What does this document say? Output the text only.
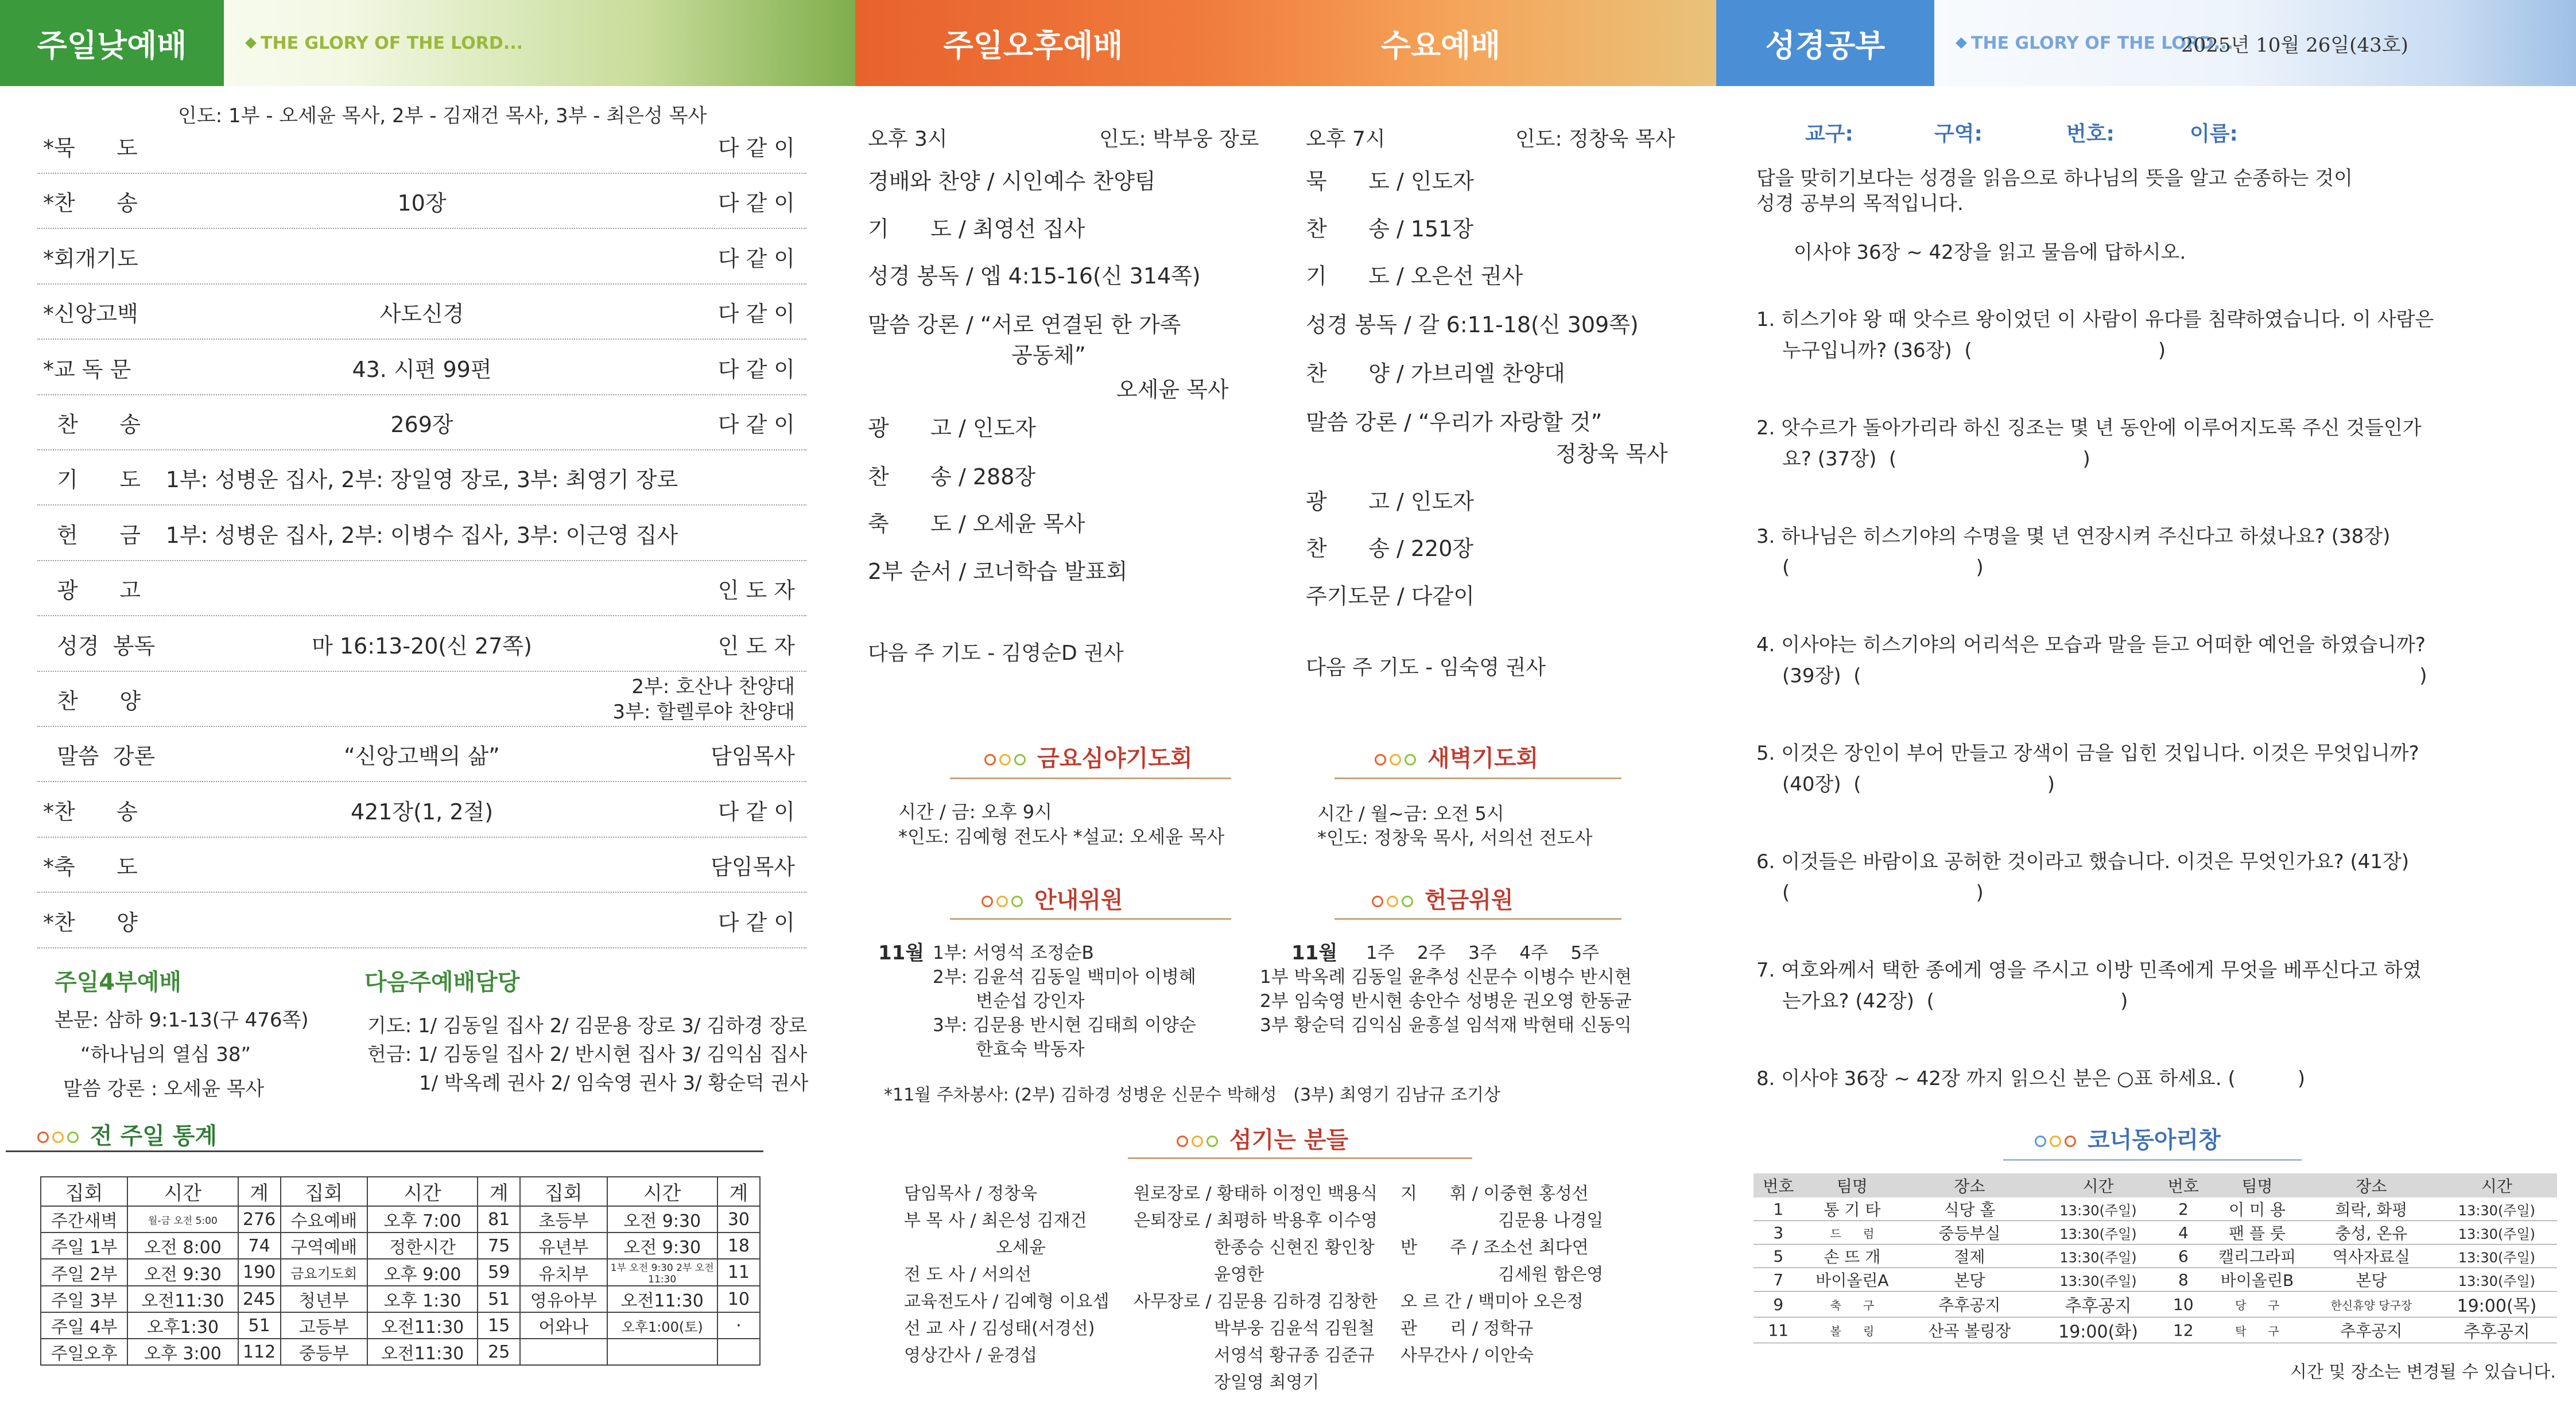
주일낮예배	THE GLORY OF THE LORD...	주일오후예배	수요예배	성경공부	THE GLORY OF THE LORD...
2025년 10월 26일(43호)
인도: 1부 - 오세윤 목사, 2부 - 김재건 목사, 3부 - 최은성 목사
*묵      도	다 같 이
*찬      송	10장	다 같 이
*회개기도	다 같 이
*신앙고백	사도신경	다 같 이
*교 독 문	43. 시편 99편	다 같 이
찬      송	269장	다 같 이
기      도	1부: 성병운 집사, 2부: 장일영 장로, 3부: 최영기 장로
헌      금	1부: 성병운 집사, 2부: 이병수 집사, 3부: 이근영 집사
광      고	인 도 자
성경  봉독	마 16:13-20(신 27쪽)	인 도 자
찬      양
2부: 호산나 찬양대
3부: 할렐루야 찬양대
말씀  강론	“신앙고백의 삶”	담임목사
*찬      송	421장(1, 2절)	다 같 이
*축      도	담임목사
*찬      양	다 같 이
주일4부예배
본문: 삼하 9:1-13(구 476쪽)
“하나님의 열심 38”
말씀 강론 : 오세윤 목사
다음주예배담당
기도: 1/ 김동일 집사 2/ 김문용 장로 3/ 김하경 장로
헌금: 1/ 김동일 집사 2/ 반시현 집사 3/ 김익심 집사
1/ 박옥례 권사 2/ 임숙영 권사 3/ 황순덕 권사
전 주일 통계
집회	시간	계	집회	시간	계	집회	시간	계
주간새벽	월-금 오전 5:00	276	수요예배	오후 7:00	81	초등부	오전 9:30	30
주일 1부	오전 8:00	74	구역예배	정한시간	75	유년부	오전 9:30	18
주일 2부	오전 9:30	190	금요기도회	오후 9:00	59	유치부	1부 오전 9:30 2부 오전 11:30	11
주일 3부	오전11:30	245	청년부	오후 1:30	51	영유아부	오전11:30	10
주일 4부	오후1:30	51	고등부	오전11:30	15	어와나	오후1:00(토)	·
주일오후	오후 3:00	112	중등부	오전11:30	25			
오후 3시	인도: 박부웅 장로
경배와 찬양 / 시인예수 찬양팀
기      도 / 최영선 집사
성경 봉독 / 엡 4:15-16(신 314쪽)
말씀 강론 / “서로 연결된 한 가족
공동체”
오세윤 목사
광      고 / 인도자
찬      송 / 288장
축      도 / 오세윤 목사
2부 순서 / 코너학습 발표회
다음 주 기도 - 김영순D 권사
오후 7시	인도: 정창욱 목사
묵      도 / 인도자
찬      송 / 151장
기      도 / 오은선 권사
성경 봉독 / 갈 6:11-18(신 309쪽)
찬      양 / 가브리엘 찬양대
말씀 강론 / “우리가 자랑할 것”
정창욱 목사
광      고 / 인도자
찬      송 / 220장
주기도문 / 다같이
다음 주 기도 - 임숙영 권사
금요심야기도회
시간 / 금: 오후 9시
*인도: 김예형 전도사 *설교: 오세윤 목사
새벽기도회
시간 / 월~금: 오전 5시
*인도: 정창욱 목사, 서의선 전도사
안내위원
11월 1부: 서영석 조정순B
2부: 김윤석 김동일 백미아 이병혜
변순섭 강인자
3부: 김문용 반시현 김태희 이양순
한효숙 박동자
헌금위원
11월 1주    2주    3주    4주    5주
1부 박옥례 김동일 윤추성 신문수 이병수 반시현
2부 임숙영 반시현 송안수 성병운 권오영 한동균
3부 황순덕 김익심 윤흥설 임석재 박현태 신동익
*11월 주차봉사: (2부) 김하경 성병운 신문수 박해성   (3부) 최영기 김남규 조기상
섬기는 분들
담임목사 / 정창욱
부 목 사 / 최은성 김재건
오세윤
전 도 사 / 서의선
교육전도사 / 김예형 이요셉
선 교 사 / 김성태(서경선)
영상간사 / 윤경섭
원로장로 / 황태하 이정인 백용식
은퇴장로 / 최평하 박용후 이수영
한종승 신현진 황인창
윤영한
사무장로 / 김문용 김하경 김창한
박부웅 김윤석 김원철
서영석 황규종 김준규
장일영 최영기
지      휘 / 이중현 홍성선
김문용 나경일
반      주 / 조소선 최다연
김세원 함은영
오 르 간 / 백미아 오은정
관      리 / 정학규
사무간사 / 이안숙
교구:	구역:	번호:	이름:
답을 맞히기보다는 성경을 읽음으로 하나님의 뜻을 알고 순종하는 것이
성경 공부의 목적입니다.
이사야 36장 ~ 42장을 읽고 물음에 답하시오.
1. 히스기야 왕 때 앗수르 왕이었던 이 사람이 유다를 침략하였습니다. 이 사람은
누구입니까? (36장)  (                              )
2. 앗수르가 돌아가리라 하신 징조는 몇 년 동안에 이루어지도록 주신 것들인가
요? (37장)  (                              )
3. 하나님은 히스기야의 수명을 몇 년 연장시켜 주신다고 하셨나요? (38장)
(                              )
4. 이사야는 히스기야의 어리석은 모습과 말을 듣고 어떠한 예언을 하였습니까?
(39장)  (                                                                                          )
5. 이것은 장인이 부어 만들고 장색이 금을 입힌 것입니다. 이것은 무엇입니까?
(40장)  (                              )
6. 이것들은 바람이요 공허한 것이라고 했습니다. 이것은 무엇인가요? (41장)
(                              )
7. 여호와께서 택한 종에게 영을 주시고 이방 민족에게 무엇을 베푸신다고 하였
는가요? (42장)  (                              )
8. 이사야 36장 ~ 42장 까지 읽으신 분은 ○표 하세요. (          )
코너동아리창
번호	팀명	장소	시간	번호	팀명	장소	시간
1	통 기 타	식당 홀	13:30(주일)	2	이 미 용	희락, 화평	13:30(주일)
3	드      럼	중등부실	13:30(주일)	4	팬 플 룻	충성, 온유	13:30(주일)
5	손 뜨 개	절제	13:30(주일)	6	캘리그라피	역사자료실	13:30(주일)
7	바이올린A	본당	13:30(주일)	8	바이올린B	본당	13:30(주일)
9	축      구	추후공지	추후공지	10	당      구	한신휴양 당구장	19:00(목)
11	볼      링	산곡 볼링장	19:00(화)	12	탁      구	추후공지	추후공지
시간 및 장소는 변경될 수 있습니다.
